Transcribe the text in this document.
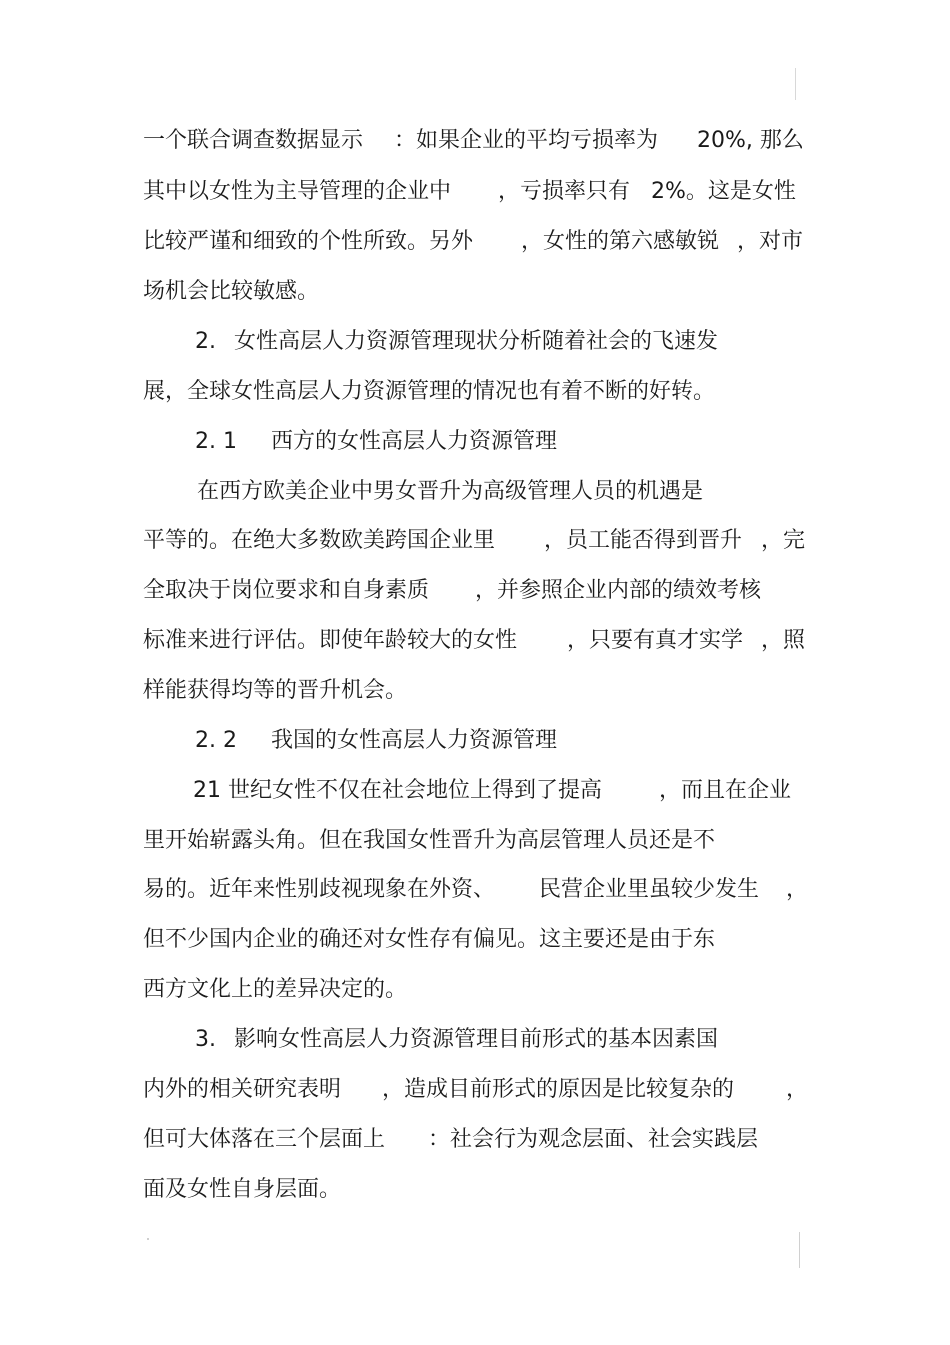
一个联合调查数据显示

：如果企业的平均亏损率为

20%, 那么

其中以女性为主导管理的企业中

，亏损率只有

2%。这是女性

比较严谨和细致的个性所致。另外

，女性的第六感敏锐

，对市

场机会比较敏感。

2.

女性高层人力资源管理现状分析随着社会的飞速发

展，全球女性高层人力资源管理的情况也有着不断的好转。

2. 1

西方的女性高层人力资源管理

在西方欧美企业中男女晋升为高级管理人员的机遇是

平等的。在绝大多数欧美跨国企业里

，员工能否得到晋升

，完

全取决于岗位要求和自身素质

，并参照企业内部的绩效考核

标准来进行评估。即使年龄较大的女性

，只要有真才实学

，照

样能获得均等的晋升机会。

2. 2

我国的女性高层人力资源管理

21 世纪女性不仅在社会地位上得到了提高

	，而且在企业

里开始崭露头角。但在我国女性晋升为高层管理人员还是不

易的。近年来性别歧视现象在外资、

民营企业里虽较少发生

，

但不少国内企业的确还对女性存有偏见。这主要还是由于东

西方文化上的差异决定的。

3.

影响女性高层人力资源管理目前形式的基本因素国

内外的相关研究表明

，造成目前形式的原因是比较复杂的

，

但可大体落在三个层面上

：社会行为观念层面、社会实践层

面及女性自身层面。
